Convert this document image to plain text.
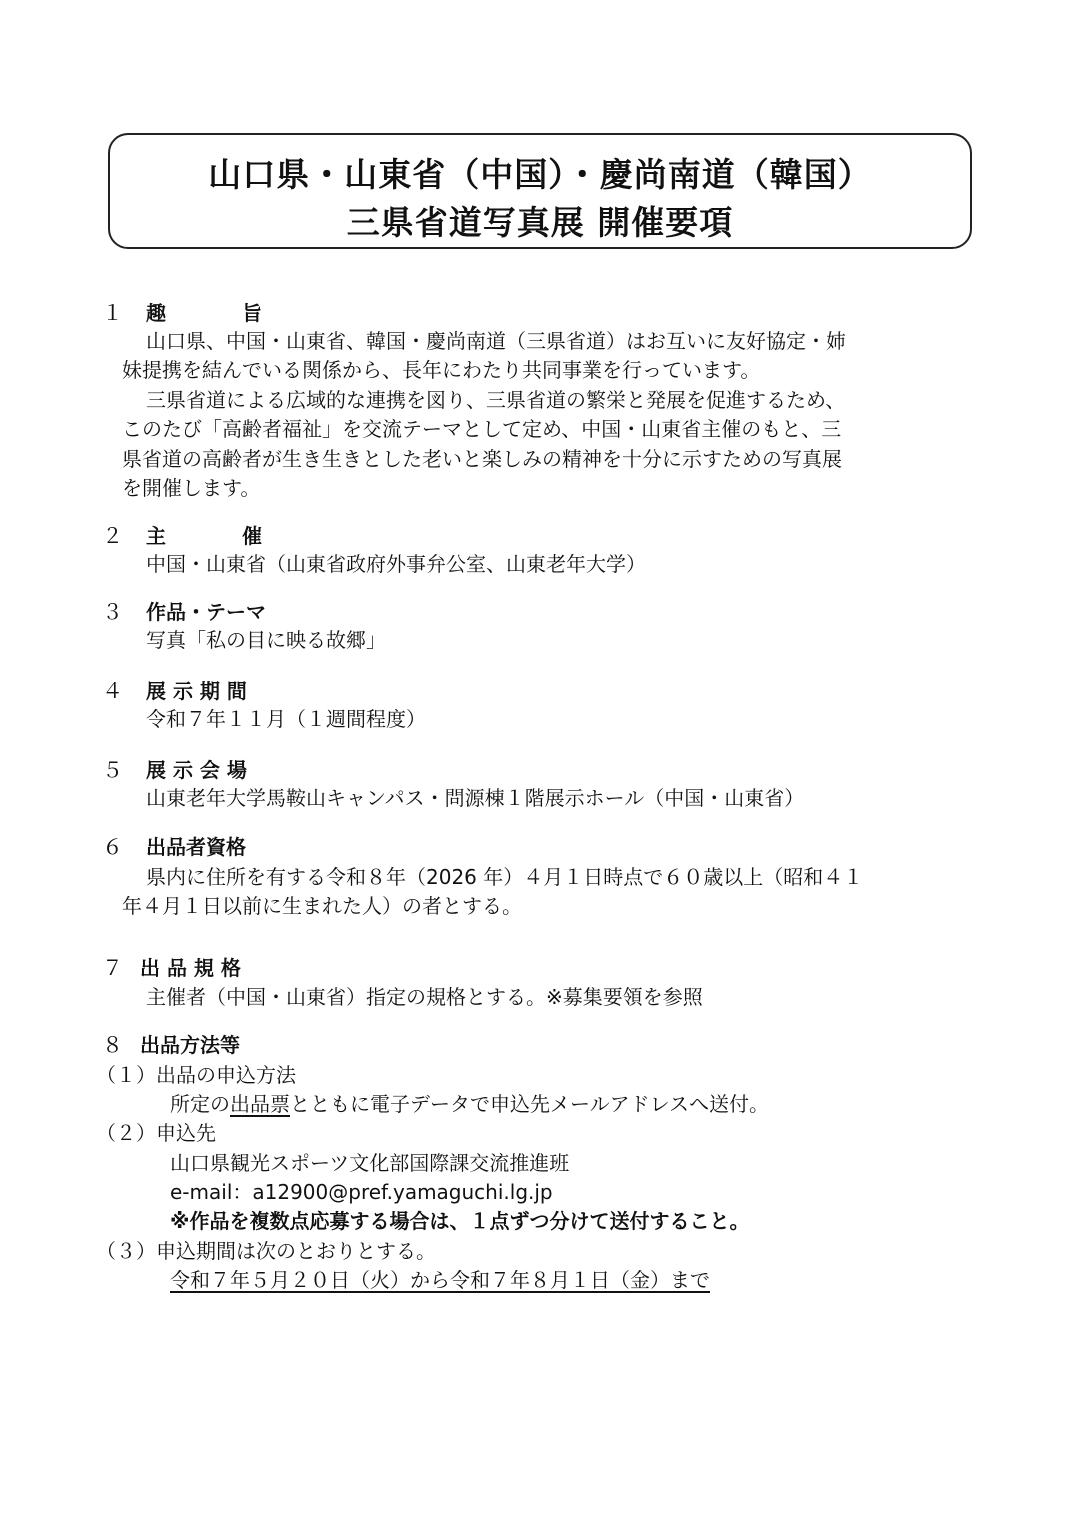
山口県・山東省（中国）・慶尚南道（韓国）
三県省道写真展 開催要項
１ 趣	旨
山口県、中国・山東省、韓国・慶尚南道（三県省道）はお互いに友好協定・姉
妹提携を結んでいる関係から、長年にわたり共同事業を行っています。
三県省道による広域的な連携を図り、三県省道の繁栄と発展を促進するため、
このたび「高齢者福祉」を交流テーマとして定め、中国・山東省主催のもと、三
県省道の高齢者が生き生きとした老いと楽しみの精神を十分に示すための写真展
を開催します。
２ 主	催
中国・山東省（山東省政府外事弁公室、山東老年大学）
３ 作品・テーマ
写真「私の目に映る故郷」
４ 展 示 期 間
令和７年１１月（１週間程度）
５ 展 示 会 場
山東老年大学馬鞍山キャンパス・問源棟１階展示ホール（中国・山東省）
６ 出品者資格
県内に住所を有する令和８年（2026 年）４月１日時点で６０歳以上（昭和４１
年４月１日以前に生まれた人）の者とする。
７ 出 品 規 格
主催者（中国・山東省）指定の規格とする。※募集要領を参照
８ 出品方法等
（１）出品の申込方法
所定の出品票とともに電子データで申込先メールアドレスへ送付。
（２）申込先
山口県観光スポーツ文化部国際課交流推進班
e-mail：a12900@pref.yamaguchi.lg.jp
※作品を複数点応募する場合は、１点ずつ分けて送付すること。
（３）申込期間は次のとおりとする。
令和７年５月２０日（火）から令和７年８月１日（金）まで
